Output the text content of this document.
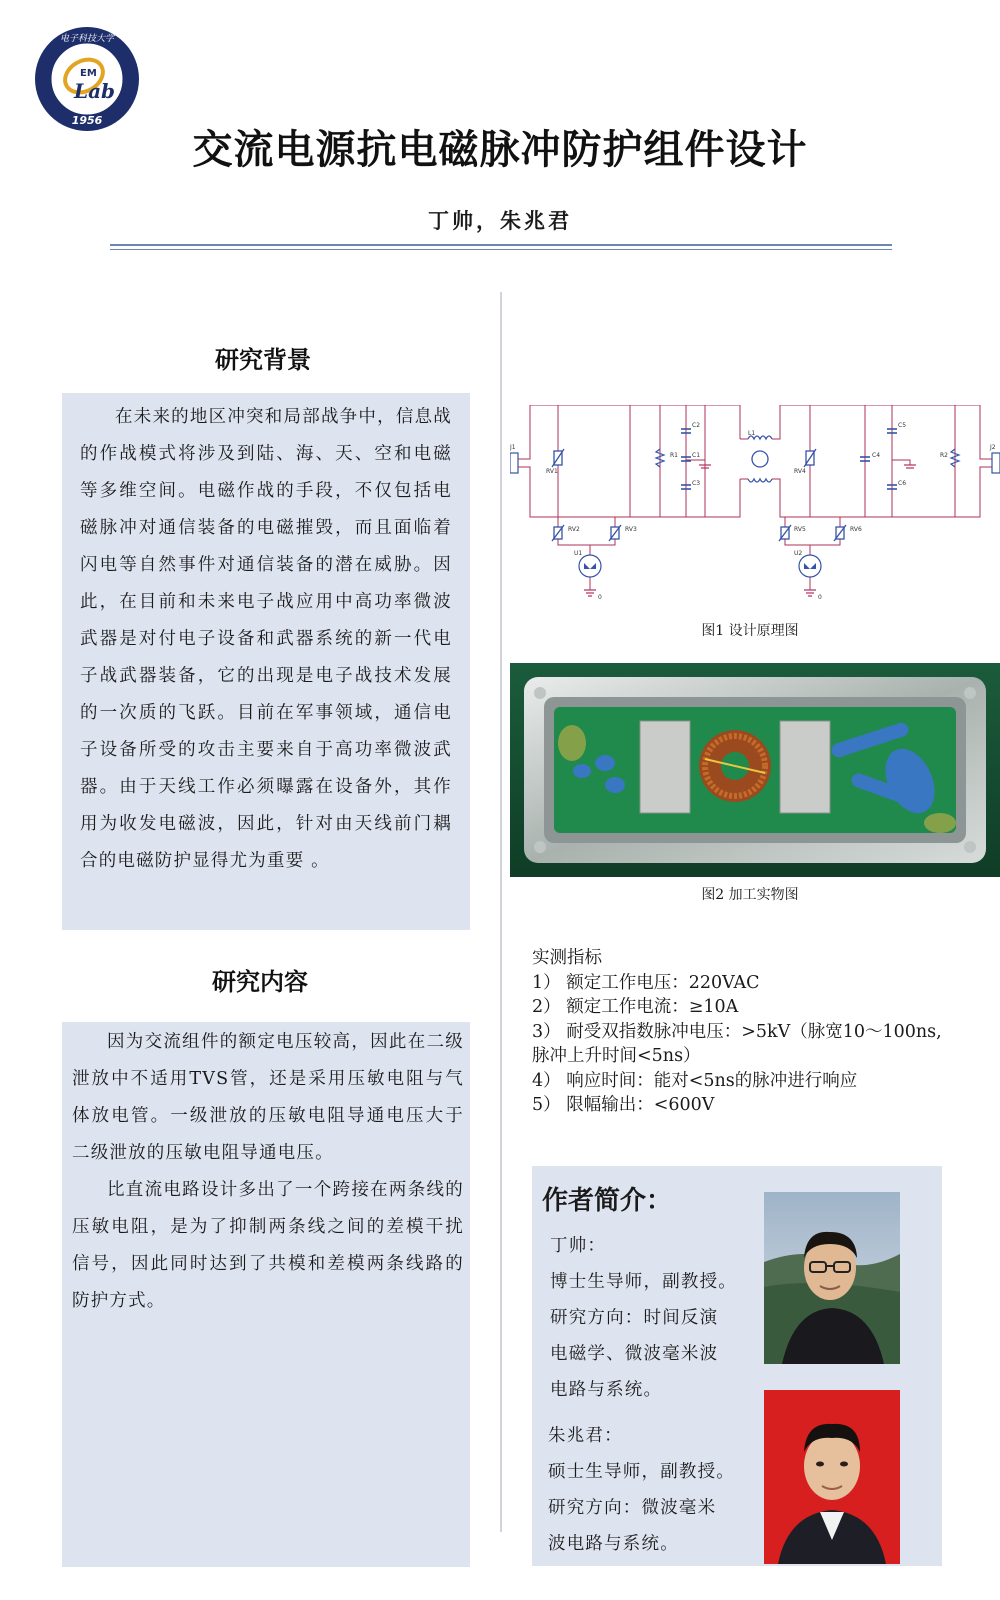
电子科技大学
EM
Lab
1956
交流电源抗电磁脉冲防护组件设计
丁帅，朱兆君
研究背景

在未来的地区冲突和局部战争中，信息战的作战模式将涉及到陆、海、天、空和电磁等多维空间。电磁作战的手段，不仅包括电磁脉冲对通信装备的电磁摧毁，而且面临着闪电等自然事件对通信装备的潜在威胁。因此，在目前和未来电子战应用中高功率微波武器是对付电子设备和武器系统的新一代电子战武器装备，它的出现是电子战技术发展的一次质的飞跃。目前在军事领域，通信电子设备所受的攻击主要来自于高功率微波武器。由于天线工作必须曝露在设备外，其作用为收发电磁波，因此，针对由天线前门耦合的电磁防护显得尤为重要 。

研究内容

因为交流组件的额定电压较高，因此在二级泄放中不适用TVS管，还是采用压敏电阻与气体放电管。一级泄放的压敏电阻导通电压大于二级泄放的压敏电阻导通电压。

比直流电路设计多出了一个跨接在两条线的压敏电阻，是为了抑制两条线之间的差模干扰信号，因此同时达到了共模和差模两条线路的防护方式。

R1 C1
C2
C3
C4
C5
C6
R2
L1
RV1
RV2	RV3
RV4
RV5	RV6
U1	U2
J1	J2
0	0
图1 设计原理图
图2 加工实物图
实测指标
1） 额定工作电压：220VAC
2） 额定工作电流：≥10A
3） 耐受双指数脉冲电压：>5kV（脉宽10～100ns,
脉冲上升时间<5ns）
4） 响应时间：能对<5ns的脉冲进行响应
5） 限幅输出：<600V
作者简介：
丁帅：
博士生导师，副教授。
研究方向：时间反演
电磁学、微波毫米波
电路与系统。
朱兆君：
硕士生导师，副教授。
研究方向：微波毫米
波电路与系统。
